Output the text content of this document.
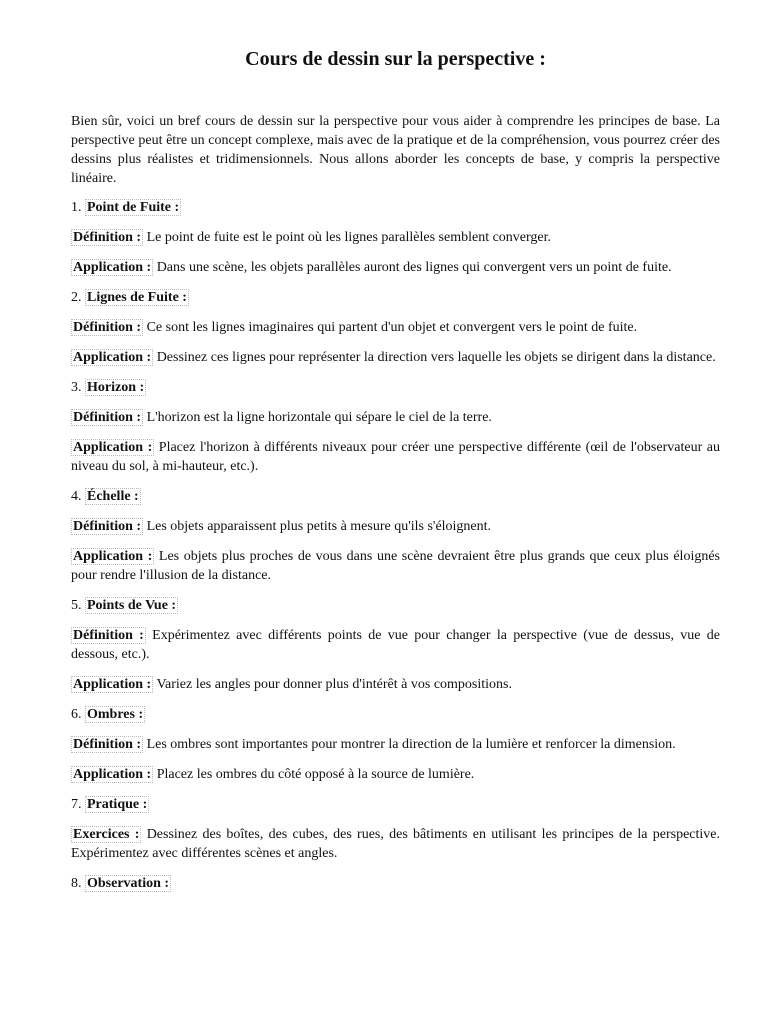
Cours de dessin sur la perspective :
Bien sûr, voici un bref cours de dessin sur la perspective pour vous aider à comprendre les principes de base. La perspective peut être un concept complexe, mais avec de la pratique et de la compréhension, vous pourrez créer des dessins plus réalistes et tridimensionnels. Nous allons aborder les concepts de base, y compris la perspective linéaire.
1. Point de Fuite :
Définition : Le point de fuite est le point où les lignes parallèles semblent converger.
Application : Dans une scène, les objets parallèles auront des lignes qui convergent vers un point de fuite.
2. Lignes de Fuite :
Définition : Ce sont les lignes imaginaires qui partent d'un objet et convergent vers le point de fuite.
Application : Dessinez ces lignes pour représenter la direction vers laquelle les objets se dirigent dans la distance.
3. Horizon :
Définition : L'horizon est la ligne horizontale qui sépare le ciel de la terre.
Application : Placez l'horizon à différents niveaux pour créer une perspective différente (œil de l'observateur au niveau du sol, à mi-hauteur, etc.).
4. Échelle :
Définition : Les objets apparaissent plus petits à mesure qu'ils s'éloignent.
Application : Les objets plus proches de vous dans une scène devraient être plus grands que ceux plus éloignés pour rendre l'illusion de la distance.
5. Points de Vue :
Définition : Expérimentez avec différents points de vue pour changer la perspective (vue de dessus, vue de dessous, etc.).
Application : Variez les angles pour donner plus d'intérêt à vos compositions.
6. Ombres :
Définition : Les ombres sont importantes pour montrer la direction de la lumière et renforcer la dimension.
Application : Placez les ombres du côté opposé à la source de lumière.
7. Pratique :
Exercices : Dessinez des boîtes, des cubes, des rues, des bâtiments en utilisant les principes de la perspective. Expérimentez avec différentes scènes et angles.
8. Observation :
